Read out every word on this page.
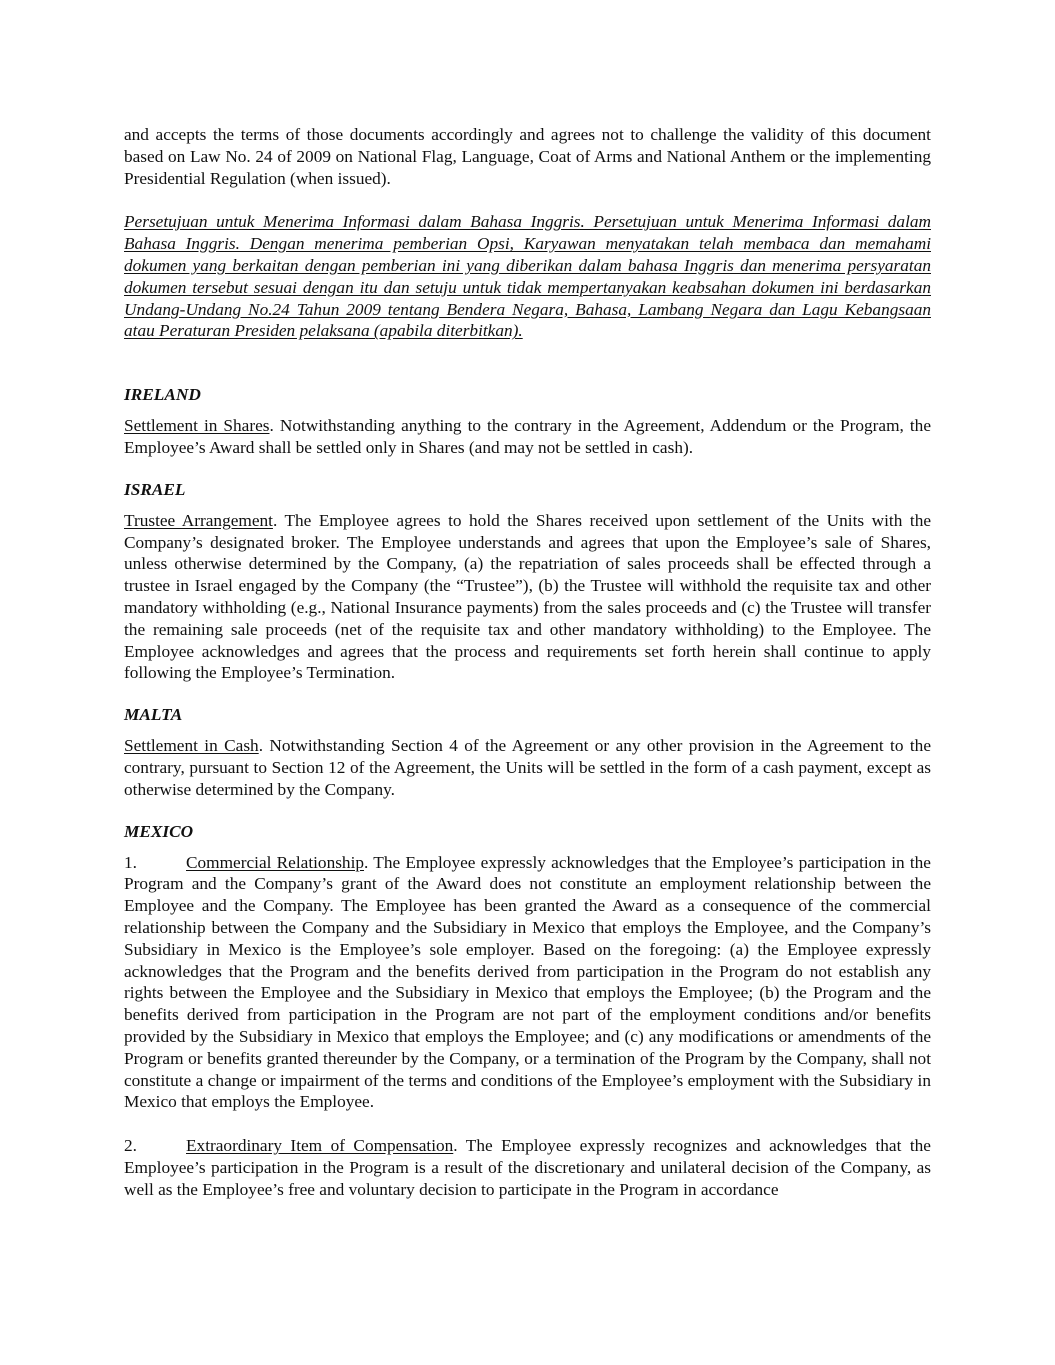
and accepts the terms of those documents accordingly and agrees not to challenge the validity of this document based on Law No. 24 of 2009 on National Flag, Language, Coat of Arms and National Anthem or the implementing Presidential Regulation (when issued).

Persetujuan untuk Menerima Informasi dalam Bahasa Inggris. Persetujuan untuk Menerima Informasi dalam Bahasa Inggris. Dengan menerima pemberian Opsi, Karyawan menyatakan telah membaca dan memahami dokumen yang berkaitan dengan pemberian ini yang diberikan dalam bahasa Inggris dan menerima persyaratan dokumen tersebut sesuai dengan itu dan setuju untuk tidak mempertanyakan keabsahan dokumen ini berdasarkan Undang-Undang No.24 Tahun 2009 tentang Bendera Negara, Bahasa, Lambang Negara dan Lagu Kebangsaan atau Peraturan Presiden pelaksana (apabila diterbitkan).

IRELAND

Settlement in Shares. Notwithstanding anything to the contrary in the Agreement, Addendum or the Program, the Employee’s Award shall be settled only in Shares (and may not be settled in cash).

ISRAEL

Trustee Arrangement. The Employee agrees to hold the Shares received upon settlement of the Units with the Company’s designated broker. The Employee understands and agrees that upon the Employee’s sale of Shares, unless otherwise determined by the Company, (a) the repatriation of sales proceeds shall be effected through a trustee in Israel engaged by the Company (the “Trustee”), (b) the Trustee will withhold the requisite tax and other mandatory withholding (e.g., National Insurance payments) from the sales proceeds and (c) the Trustee will transfer the remaining sale proceeds (net of the requisite tax and other mandatory withholding) to the Employee. The Employee acknowledges and agrees that the process and requirements set forth herein shall continue to apply following the Employee’s Termination.

MALTA

Settlement in Cash. Notwithstanding Section 4 of the Agreement or any other provision in the Agreement to the contrary, pursuant to Section 12 of the Agreement, the Units will be settled in the form of a cash payment, except as otherwise determined by the Company.

MEXICO

1.	Commercial Relationship. The Employee expressly acknowledges that the Employee’s participation in the Program and the Company’s grant of the Award does not constitute an employment relationship between the Employee and the Company. The Employee has been granted the Award as a consequence of the commercial relationship between the Company and the Subsidiary in Mexico that employs the Employee, and the Company’s Subsidiary in Mexico is the Employee’s sole employer. Based on the foregoing: (a) the Employee expressly acknowledges that the Program and the benefits derived from participation in the Program do not establish any rights between the Employee and the Subsidiary in Mexico that employs the Employee; (b) the Program and the benefits derived from participation in the Program are not part of the employment conditions and/or benefits provided by the Subsidiary in Mexico that employs the Employee; and (c) any modifications or amendments of the Program or benefits granted thereunder by the Company, or a termination of the Program by the Company, shall not constitute a change or impairment of the terms and conditions of the Employee’s employment with the Subsidiary in Mexico that employs the Employee.

2.	Extraordinary Item of Compensation. The Employee expressly recognizes and acknowledges that the Employee’s participation in the Program is a result of the discretionary and unilateral decision of the Company, as well as the Employee’s free and voluntary decision to participate in the Program in accordance
